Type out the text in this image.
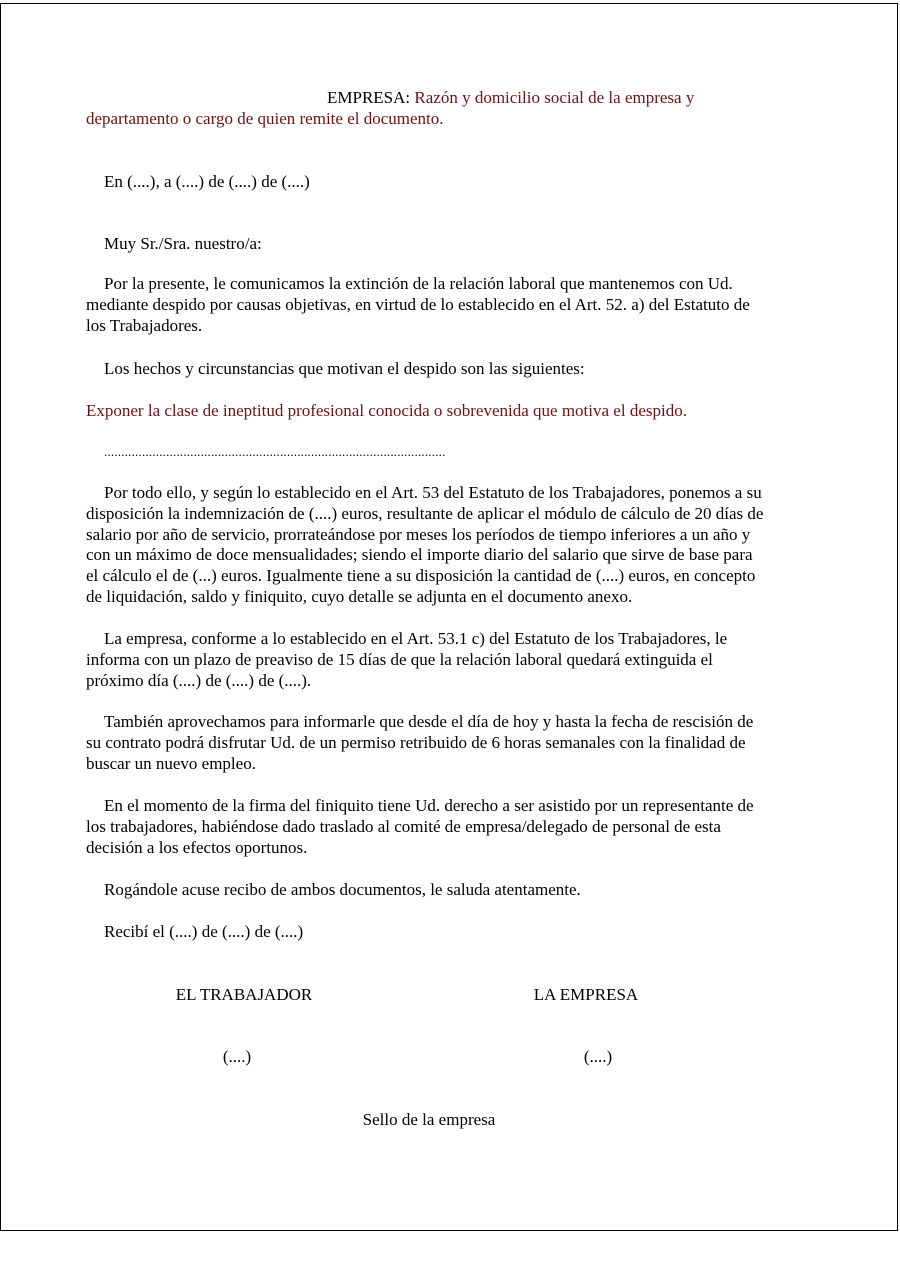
EMPRESA: Razón y domicilio social de la empresa y
departamento o cargo de quien remite el documento.
En (....), a (....) de (....) de (....)
Muy Sr./Sra. nuestro/a:
Por la presente, le comunicamos la extinción de la relación laboral que mantenemos con Ud.
mediante despido por causas objetivas, en virtud de lo establecido en el Art. 52. a) del Estatuto de
los Trabajadores.
Los hechos y circunstancias que motivan el despido son las siguientes:
Exponer la clase de ineptitud profesional conocida o sobrevenida que motiva el despido.
...................................................................................................
Por todo ello, y según lo establecido en el Art. 53 del Estatuto de los Trabajadores, ponemos a su
disposición la indemnización de (....) euros, resultante de aplicar el módulo de cálculo de 20 días de
salario por año de servicio, prorrateándose por meses los períodos de tiempo inferiores a un año y
con un máximo de doce mensualidades; siendo el importe diario del salario que sirve de base para
el cálculo el de (...) euros. Igualmente tiene a su disposición la cantidad de (....) euros, en concepto
de liquidación, saldo y finiquito, cuyo detalle se adjunta en el documento anexo.
La empresa, conforme a lo establecido en el Art. 53.1 c) del Estatuto de los Trabajadores, le
informa con un plazo de preaviso de 15 días de que la relación laboral quedará extinguida el
próximo día (....) de (....) de (....).
También aprovechamos para informarle que desde el día de hoy y hasta la fecha de rescisión de
su contrato podrá disfrutar Ud. de un permiso retribuido de 6 horas semanales con la finalidad de
buscar un nuevo empleo.
En el momento de la firma del finiquito tiene Ud. derecho a ser asistido por un representante de
los trabajadores, habiéndose dado traslado al comité de empresa/delegado de personal de esta
decisión a los efectos oportunos.
Rogándole acuse recibo de ambos documentos, le saluda atentamente.
Recibí el (....) de (....) de (....)
EL TRABAJADOR	LA EMPRESA
(....)	(....)
Sello de la empresa
